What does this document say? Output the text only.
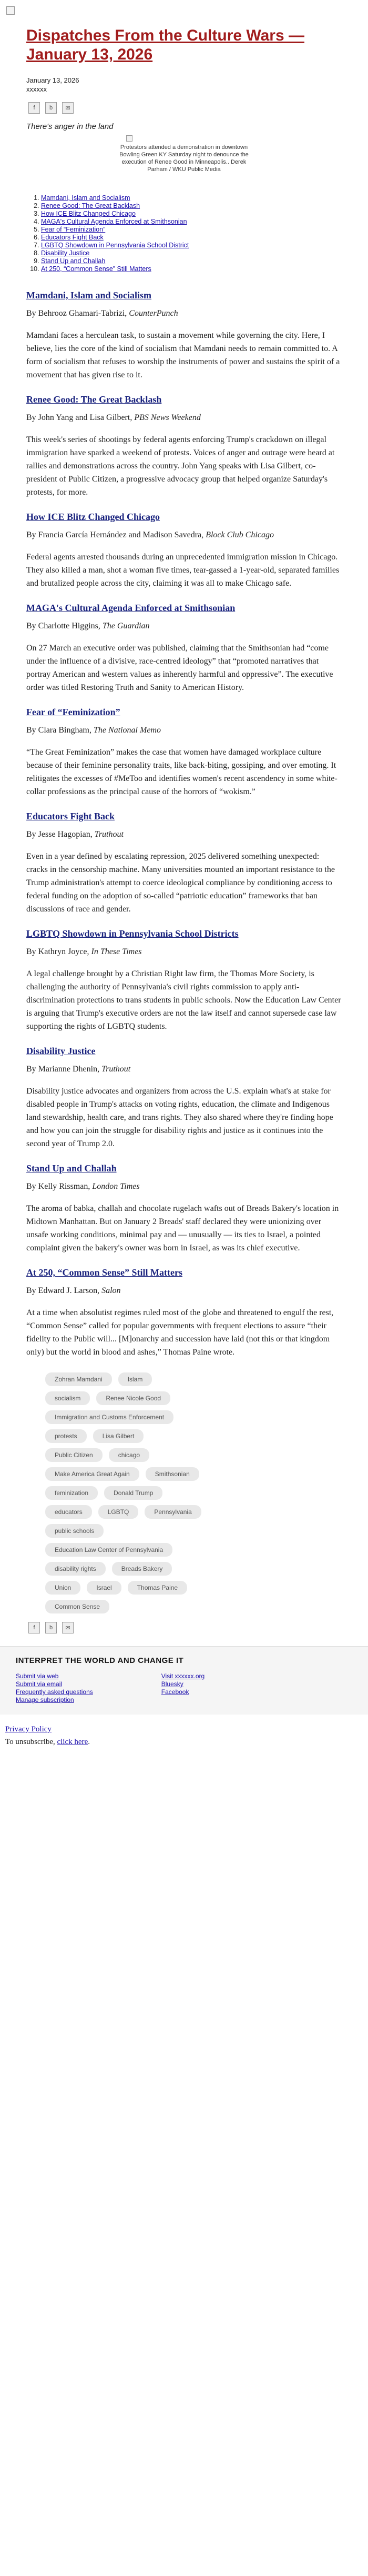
Dispatches From the Culture Wars — January 13, 2026
January 13, 2026
xxxxxx
f	b	✉
There's anger in the land
Protestors attended a demonstration in downtown Bowling Green KY Saturday night to denounce the execution of Renee Good in Minneapolis.. Derek Parham / WKU Public Media
1. Mamdani, Islam and Socialism
2. Renee Good: The Great Backlash
3. How ICE Blitz Changed Chicago
4. MAGA's Cultural Agenda Enforced at Smithsonian
5. Fear of “Feminization”
6. Educators Fight Back
7. LGBTQ Showdown in Pennsylvania School District
8. Disability Justice
9. Stand Up and Challah
10. At 250, “Common Sense” Still Matters
Mamdani, Islam and Socialism
By Behrooz Ghamari-Tabrizi, CounterPunch
Mamdani faces a herculean task, to sustain a movement while governing the city. Here, I believe, lies the core of the kind of socialism that Mamdani needs to remain committed to. A form of socialism that refuses to worship the instruments of power and sustains the spirit of a movement that has given rise to it.
Renee Good: The Great Backlash
By John Yang and Lisa Gilbert, PBS News Weekend
This week's series of shootings by federal agents enforcing Trump's crackdown on illegal immigration have sparked a weekend of protests. Voices of anger and outrage were heard at rallies and demonstrations across the country. John Yang speaks with Lisa Gilbert, co-president of Public Citizen, a progressive advocacy group that helped organize Saturday's protests, for more.
How ICE Blitz Changed Chicago
By Francia García Hernández and Madison Savedra, Block Club Chicago
Federal agents arrested thousands during an unprecedented immigration mission in Chicago. They also killed a man, shot a woman five times, tear-gassed a 1-year-old, separated families and brutalized people across the city, claiming it was all to make Chicago safe.
MAGA's Cultural Agenda Enforced at Smithsonian
By Charlotte Higgins, The Guardian
On 27 March an executive order was published, claiming that the Smithsonian had “come under the influence of a divisive, race-centred ideology” that “promoted narratives that portray American and western values as inherently harmful and oppressive”. The executive order was titled Restoring Truth and Sanity to American History.
Fear of “Feminization”
By Clara Bingham, The National Memo
“The Great Feminization” makes the case that women have damaged workplace culture because of their feminine personality traits, like back-biting, gossiping, and over emoting. It relitigates the excesses of #MeToo and identifies women's recent ascendency in some white-collar professions as the principal cause of the horrors of “wokism.”
Educators Fight Back
By Jesse Hagopian, Truthout
Even in a year defined by escalating repression, 2025 delivered something unexpected: cracks in the censorship machine. Many universities mounted an important resistance to the Trump administration's attempt to coerce ideological compliance by conditioning access to federal funding on the adoption of so-called “patriotic education” frameworks that ban discussions of race and gender.
LGBTQ Showdown in Pennsylvania School Districts
By Kathryn Joyce, In These Times
A legal challenge brought by a Christian Right law firm, the Thomas More Society, is challenging the authority of Pennsylvania's civil rights commission to apply anti-discrimination protections to trans students in public schools. Now the Education Law Center is arguing that Trump's executive orders are not the law itself and cannot supersede case law supporting the rights of LGBTQ students.
Disability Justice
By Marianne Dhenin, Truthout
Disability justice advocates and organizers from across the U.S. explain what's at stake for disabled people in Trump's attacks on voting rights, education, the climate and Indigenous land stewardship, health care, and trans rights. They also shared where they're finding hope and how you can join the struggle for disability rights and justice as it continues into the second year of Trump 2.0.
Stand Up and Challah
By Kelly Rissman, London Times
The aroma of babka, challah and chocolate rugelach wafts out of Breads Bakery's location in Midtown Manhattan. But on January 2 Breads' staff declared they were unionizing over unsafe working conditions, minimal pay and — unusually — its ties to Israel, a pointed complaint given the bakery's owner was born in Israel, as was its chief executive.
At 250, “Common Sense” Still Matters
By Edward J. Larson, Salon
At a time when absolutist regimes ruled most of the globe and threatened to engulf the rest, “Common Sense” called for popular governments with frequent elections to assure “their fidelity to the Public will... [M]onarchy and succession have laid (not this or that kingdom only) but the world in blood and ashes,” Thomas Paine wrote.
Zohran Mamdani	Islam
socialism	Renee Nicole Good
Immigration and Customs Enforcement
protests	Lisa Gilbert
Public Citizen	chicago
Make America Great Again	Smithsonian
feminization	Donald Trump
educators	LGBTQ	Pennsylvania
public schools
Education Law Center of Pennsylvania
disability rights	Breads Bakery
Union	Israel	Thomas Paine
Common Sense
f	b	✉
INTERPRET THE WORLD AND CHANGE IT
Submit via web
Submit via email
Frequently asked questions
Manage subscription
Visit xxxxxx.org
Bluesky
Facebook
Privacy Policy
To unsubscribe, click here.
